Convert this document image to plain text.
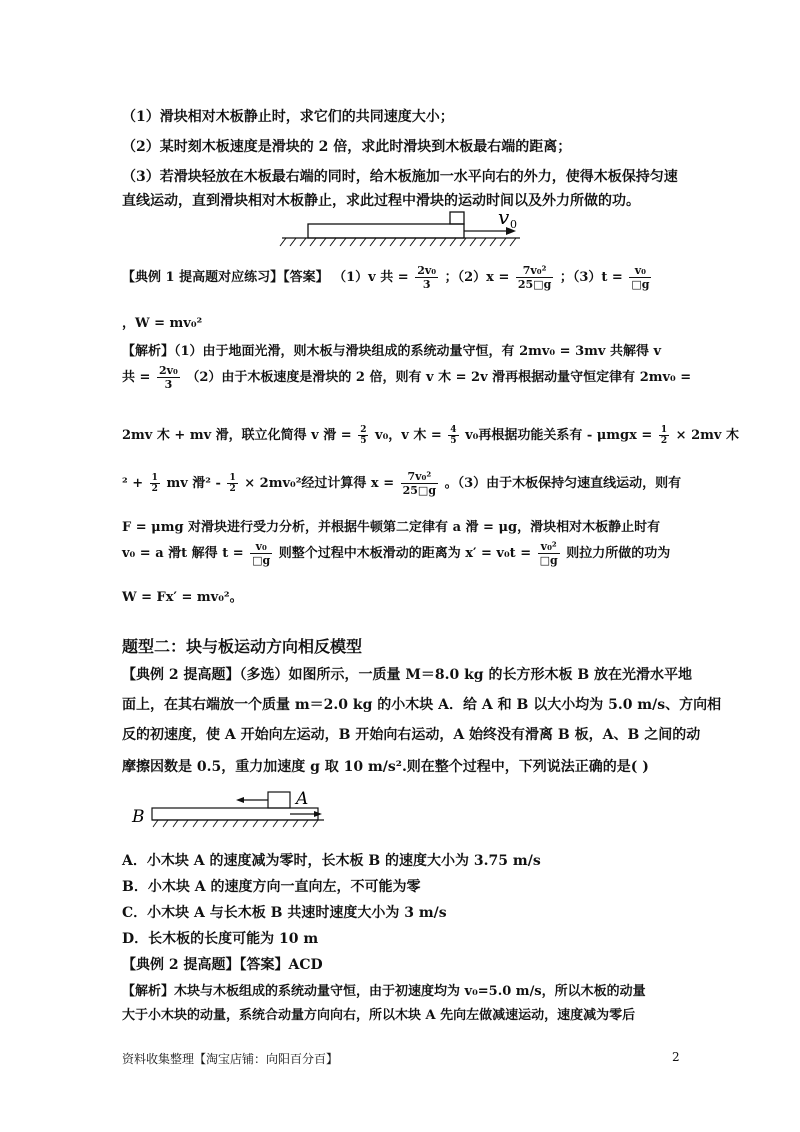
（1）滑块相对木板静止时，求它们的共同速度大小；
（2）某时刻木板速度是滑块的 2 倍，求此时滑块到木板最右端的距离；
（3）若滑块轻放在木板最右端的同时，给木板施加一水平向右的外力，使得木板保持匀速
直线运动，直到滑块相对木板静止，求此过程中滑块的运动时间以及外力所做的功。
v 0
【典例 1 提高题对应练习】【答案】 （1）v 共 = $\frac{\text{2v₀}}{3}$ ；$(2)x = \frac{\text{7v₀²}}{25□g}$ ；$(3)t = \frac{\text{v₀}}{□g}$
，W = mv₀²
【解析】（1）由于地面光滑，则木板与滑块组成的系统动量守恒，有 2mv₀ = 3mv 共解得 v
共 = $\frac{\text{2v₀}}{3} (2)$由于木板速度是滑块的 2 倍，则有 v 木 = 2v 滑再根据动量守恒定律有 2mv₀ =
2mv 木 + mv 滑，联立化简得 v 滑 = $\frac{2}{5} v_0$，v 木 = $\frac{4}{5} v_0$再根据功能关系有 - $\mu mgx = \frac{1}{2} \times 2mv$ 木
$^2 + \frac{1}{2}$ mv 滑$^2 - \frac{1}{2} \times 2mv_0^2$经过计算得 $x = \frac{\text{7v₀²}}{25□g}$ 。（3）由于木板保持匀速直线运动，则有
F = μmg 对滑块进行受力分析，并根据牛顿第二定律有 a 滑 = μg，滑块相对木板静止时有
v₀ = a 滑t 解得 $t = \frac{\text{v₀}}{□g}$ 则整个过程中木板滑动的距离为 $x' = v_0t = \frac{\text{v₀²}}{□g}$ 则拉力所做的功为
W = Fx′ = mv₀²。
题型二：块与板运动方向相反模型
【典例 2 提高题】（多选）如图所示，一质量 M＝8.0 kg 的长方形木板 B 放在光滑水平地
面上，在其右端放一个质量 m＝2.0 kg 的小木块 A．给 A 和 B 以大小均为 5.0 m/s、方向相
反的初速度，使 A 开始向左运动，B 开始向右运动，A 始终没有滑离 B 板，A、B 之间的动
摩擦因数是 0.5，重力加速度 g 取 10 m/s².则在整个过程中，下列说法正确的是( )
A
B
A．小木块 A 的速度减为零时，长木板 B 的速度大小为 3.75 m/s
B．小木块 A 的速度方向一直向左，不可能为零
C．小木块 A 与长木板 B 共速时速度大小为 3 m/s
D．长木板的长度可能为 10 m
【典例 2 提高题】【答案】ACD
【解析】木块与木板组成的系统动量守恒，由于初速度均为 v₀=5.0 m/s，所以木板的动量
大于小木块的动量，系统合动量方向向右，所以木块 A 先向左做减速运动，速度减为零后
资料收集整理【淘宝店铺：向阳百分百】	2
